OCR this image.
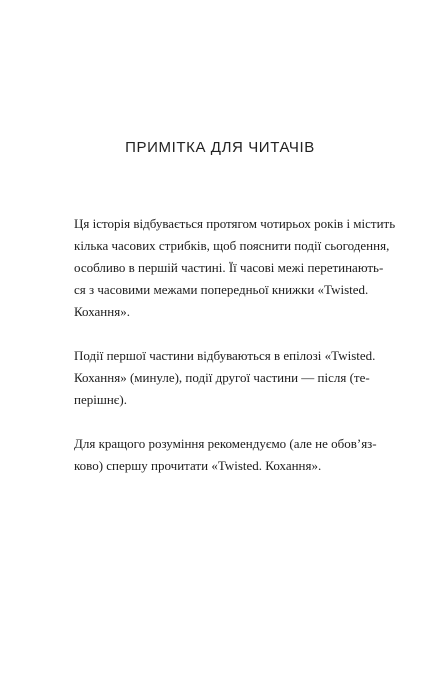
ПРИМІТКА ДЛЯ ЧИТАЧІВ

Ця історія відбувається протягом чотирьох років і містить
кілька часових стрибків, щоб пояснити події сьогодення,
особливо в першій частині. Її часові межі перетинають-
ся з часовими межами попередньої книжки «Twisted.
Кохання».

Події першої частини відбуваються в епілозі «Twisted.
Кохання» (минуле), події другої частини — після (те-
перішнє).

Для кращого розуміння рекомендуємо (але не обов’яз-
ково) спершу прочитати «Twisted. Кохання».
